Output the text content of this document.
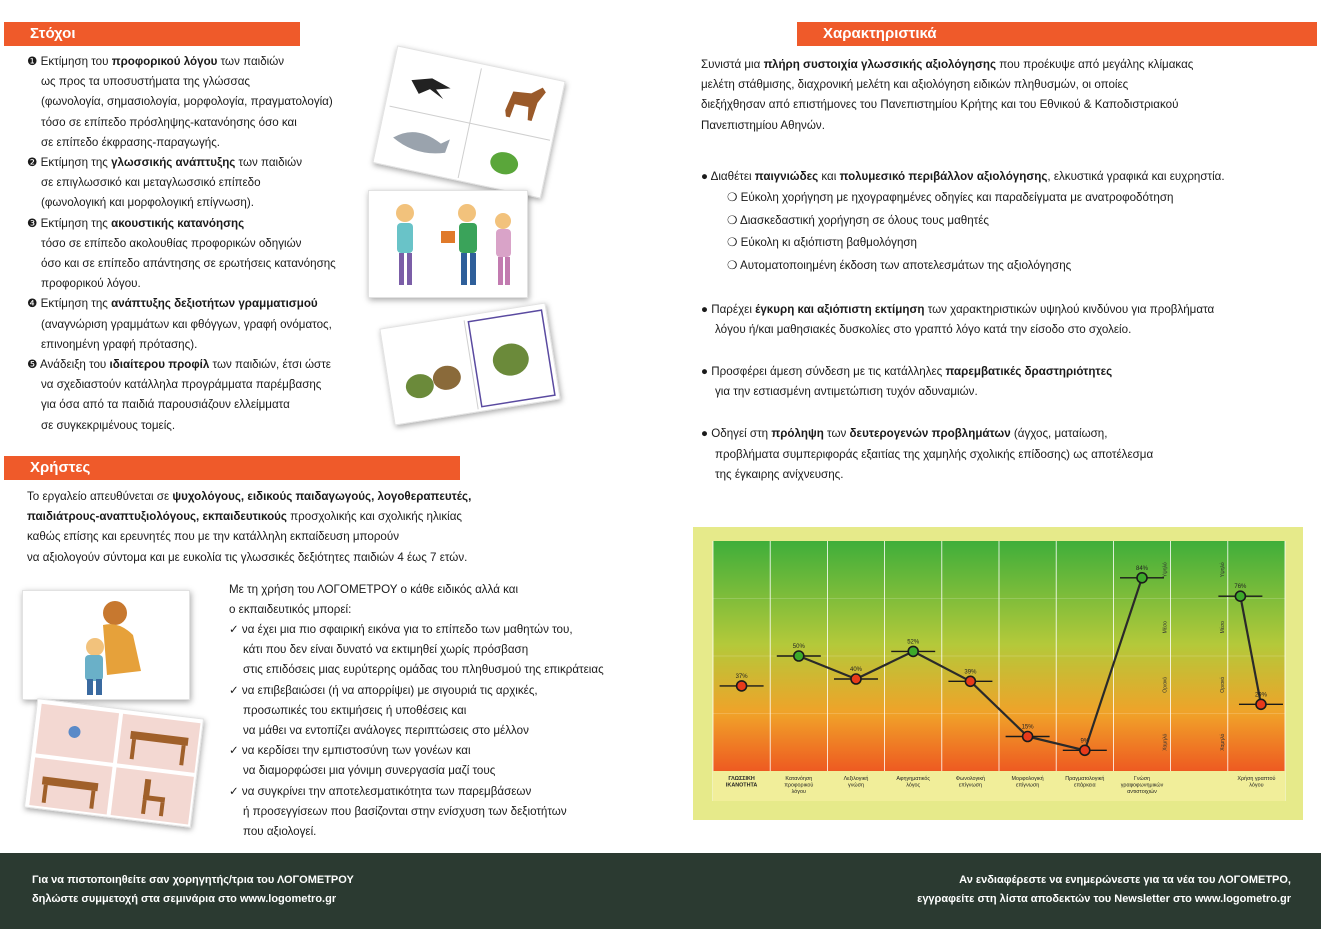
Στόχοι

❶ Εκτίμηση του προφορικού λόγου των παιδιών

ως προς τα υποσυστήματα της γλώσσας

(φωνολογία, σημασιολογία, μορφολογία, πραγματολογία)

τόσο σε επίπεδο πρόσληψης-κατανόησης όσο και

σε επίπεδο έκφρασης-παραγωγής.

❷ Εκτίμηση της γλωσσικής ανάπτυξης των παιδιών

σε επιγλωσσικό και μεταγλωσσικό επίπεδο

(φωνολογική και μορφολογική επίγνωση).

❸ Εκτίμηση της ακουστικής κατανόησης

τόσο σε επίπεδο ακολουθίας προφορικών οδηγιών

όσο και σε επίπεδο απάντησης σε ερωτήσεις κατανόησης

προφορικού λόγου.

❹ Εκτίμηση της ανάπτυξης δεξιοτήτων γραμματισμού

(αναγνώριση γραμμάτων και φθόγγων, γραφή ονόματος,

επινοημένη γραφή πρότασης).

❺ Ανάδειξη του ιδιαίτερου προφίλ των παιδιών, έτσι ώστε

να σχεδιαστούν κατάλληλα προγράμματα παρέμβασης

για όσα από τα παιδιά παρουσιάζουν ελλείμματα

σε συγκεκριμένους τομείς.

Χρήστες

Το εργαλείο απευθύνεται σε ψυχολόγους, ειδικούς παιδαγωγούς, λογοθεραπευτές,

παιδιάτρους-αναπτυξιολόγους, εκπαιδευτικούς προσχολικής και σχολικής ηλικίας

καθώς επίσης και ερευνητές που με την κατάλληλη εκπαίδευση μπορούν

να αξιολογούν σύντομα και με ευκολία τις γλωσσικές δεξιότητες παιδιών 4 έως 7 ετών.

Με τη χρήση του ΛΟΓΟΜΕΤΡΟΥ ο κάθε ειδικός αλλά και

ο εκπαιδευτικός μπορεί:

✓ να έχει μια πιο σφαιρική εικόνα για το επίπεδο των μαθητών του,

κάτι που δεν είναι δυνατό να εκτιμηθεί χωρίς πρόσβαση

στις επιδόσεις μιας ευρύτερης ομάδας του πληθυσμού της επικράτειας

✓ να επιβεβαιώσει (ή να απορρίψει) με σιγουριά τις αρχικές,

προσωπικές του εκτιμήσεις ή υποθέσεις και

να μάθει να εντοπίζει ανάλογες περιπτώσεις στο μέλλον

✓ να κερδίσει την εμπιστοσύνη των γονέων και

να διαμορφώσει μια γόνιμη συνεργασία μαζί τους

✓ να συγκρίνει την αποτελεσματικότητα των παρεμβάσεων

ή προσεγγίσεων που βασίζονται στην ενίσχυση των δεξιοτήτων

που αξιολογεί.

Χαρακτηριστικά

Συνιστά μια πλήρη συστοιχία γλωσσικής αξιολόγησης που προέκυψε από μεγάλης κλίμακας

μελέτη στάθμισης, διαχρονική μελέτη και αξιολόγηση ειδικών πληθυσμών, οι οποίες

διεξήχθησαν από επιστήμονες του Πανεπιστημίου Κρήτης και του Εθνικού & Καποδιστριακού

Πανεπιστημίου Αθηνών.

● Διαθέτει παιγνιώδες και πολυμεσικό περιβάλλον αξιολόγησης, ελκυστικά γραφικά και ευχρηστία.

❍ Εύκολη χορήγηση με ηχογραφημένες οδηγίες και παραδείγματα με ανατροφοδότηση

❍ Διασκεδαστική χορήγηση σε όλους τους μαθητές

❍ Εύκολη κι αξιόπιστη βαθμολόγηση

❍ Αυτοματοποιημένη έκδοση των αποτελεσμάτων της αξιολόγησης

● Παρέχει έγκυρη και αξιόπιστη εκτίμηση των χαρακτηριστικών υψηλού κινδύνου για προβλήματα

λόγου ή/και μαθησιακές δυσκολίες στο γραπτό λόγο κατά την είσοδο στο σχολείο.

● Προσφέρει άμεση σύνδεση με τις κατάλληλες παρεμβατικές δραστηριότητες

για την εστιασμένη αντιμετώπιση τυχόν αδυναμιών.

● Οδηγεί στη πρόληψη των δευτερογενών προβλημάτων (άγχος, ματαίωση,

προβλήματα συμπεριφοράς εξαιτίας της χαμηλής σχολικής επίδοσης) ως αποτέλεσμα

της έγκαιρης ανίχνευσης.

Υψηλό
Μέσο
Οριακό
Χαμηλό
Υψηλό
Μέσο
Οριακό
Χαμηλό
ΓΛΩΣΣΙΚΗ
ΙΚΑΝΟΤΗΤΑ
Κατανόηση
προφορικού
λόγου
Λεξιλογική
γνώση
Αφηγηματικός
λόγος
Φωνολογική
επίγνωση
Μορφολογική
επίγνωση
Πραγματολογική
επάρκεια
Γνώση
γραφοφωνημικών
αντιστοιχιών
Χρήση γραπτού
λόγου
37%
50%
40%
52%
39%
15%
9%
84%
76%
29%
Για να πιστοποιηθείτε σαν χορηγητής/τρια του ΛΟΓΟΜΕΤΡΟΥ
δηλώστε συμμετοχή στα σεμινάρια στο www.logometro.gr
Αν ενδιαφέρεστε να ενημερώνεστε για τα νέα του ΛΟΓΟΜΕΤΡΟ,
εγγραφείτε στη λίστα αποδεκτών του Newsletter στο www.logometro.gr
